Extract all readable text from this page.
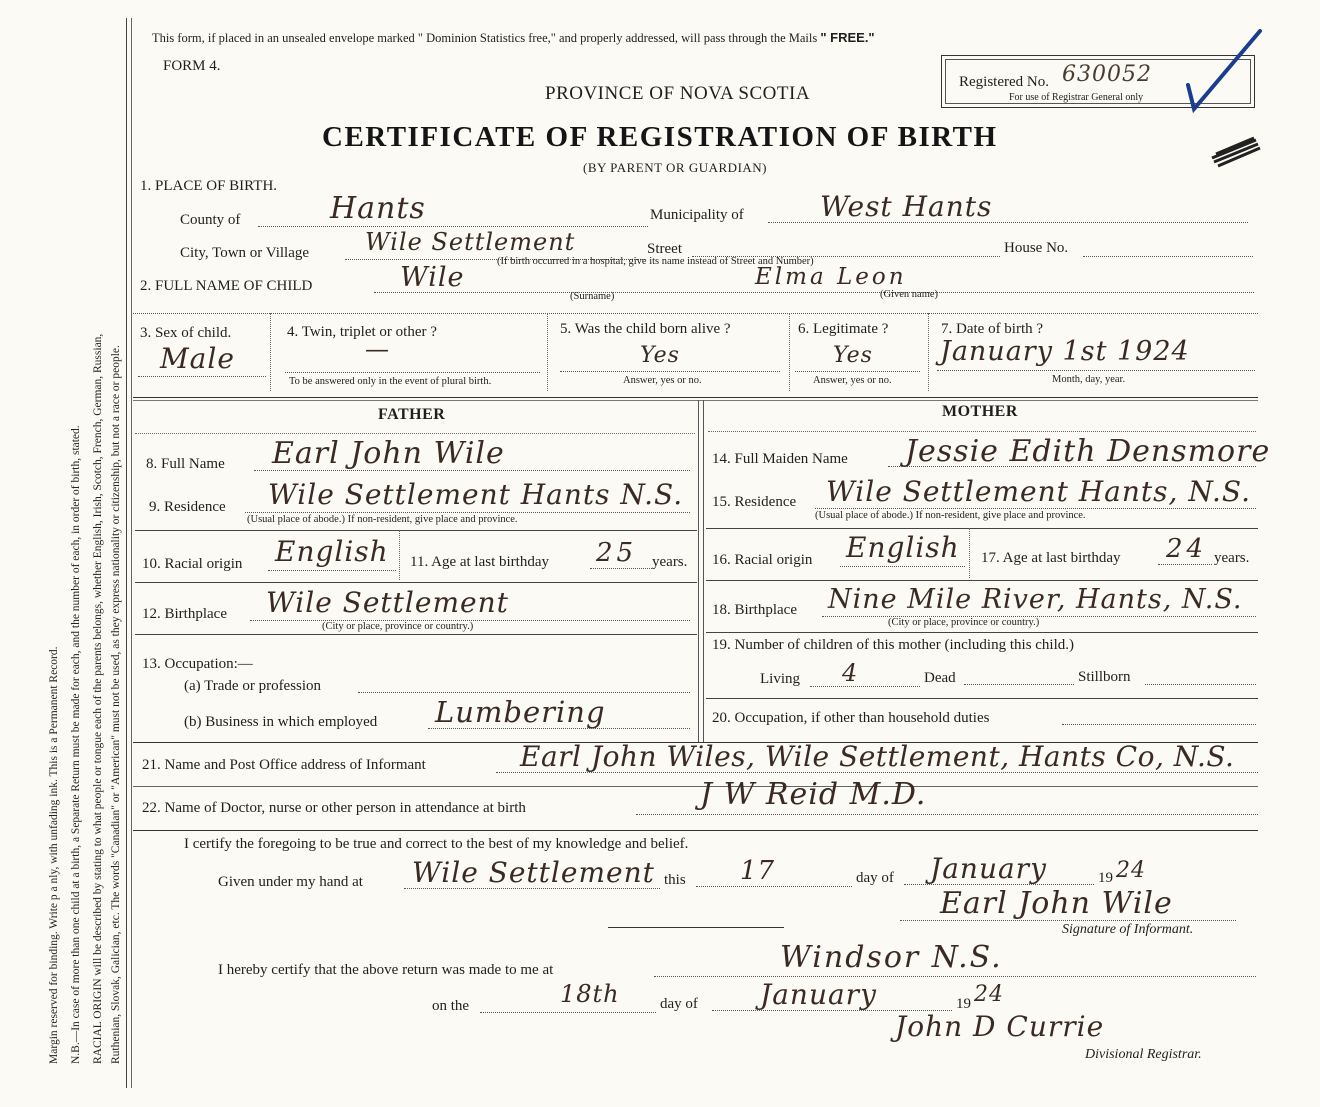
Margin reserved for binding. Write p a nly, with unfading ink. This is a Permanent Record. N.B.—In case of more than one child at a birth, a Separate Return must be made for each, and the number of each, in order of birth, stated. RACIAL ORIGIN will be described by stating to what people or tongue each of the parents belongs, whether English, Irish, Scotch, French, German, Russian, Ruthenian, Slovak, Galician, etc. The words "Canadian" or "American" must not be used, as they express nationality or citizenship, but not a race or people.
This form, if placed in an unsealed envelope marked " Dominion Statistics free," and properly addressed, will pass through the Mails " FREE."
FORM 4.
PROVINCE OF NOVA SCOTIA
CERTIFICATE OF REGISTRATION OF BIRTH
(BY PARENT OR GUARDIAN)
Registered No. 630052
For use of Registrar General only
1. PLACE OF BIRTH.
County of	Hants	Municipality of	West Hants
City, Town or Village Wile Settlement	Street	House No.
(If birth occurred in a hospital, give its name instead of Street and Number)
2. FULL NAME OF CHILD	Wile	Elma Leon
(Surname)	(Given name)
3. Sex of child.
Male
4. Twin, triplet or other ?
—
To be answered only in the event of plural birth.
5. Was the child born alive ?
Yes
Answer, yes or no.
6. Legitimate ?
Yes
Answer, yes or no.
7. Date of birth ?
January 1st 1924
Month, day, year.
FATHER	MOTHER
8. Full Name Earl John Wile	14. Full Maiden Name Jessie Edith Densmore
9. Residence Wile Settlement Hants N.S.
(Usual place of abode.) If non-resident, give place and province.
15. Residence Wile Settlement Hants, N.S.
(Usual place of abode.) If non-resident, give place and province.
10. Racial origin English 11. Age at last birthday 25 years. 16. Racial origin English 17. Age at last birthday 24 years.
12. Birthplace Wile Settlement
(City or place, province or country.)
18. Birthplace Nine Mile River, Hants, N.S.
(City or place, province or country.)
13. Occupation:—
(a) Trade or profession
(b) Business in which employed Lumbering
19. Number of children of this mother (including this child.)
Living 4	Dead	Stillborn
20. Occupation, if other than household duties
21. Name and Post Office address of Informant	Earl John Wiles, Wile Settlement, Hants Co, N.S.
22. Name of Doctor, nurse or other person in attendance at birth	J W Reid M.D.
I certify the foregoing to be true and correct to the best of my knowledge and belief.
Given under my hand at Wile Settlement this 17	day of January	19 24
Earl John Wile
Signature of Informant.
I hereby certify that the above return was made to me at	Windsor N.S.
on the	18th	day of January	19 24
John D Currie
Divisional Registrar.
